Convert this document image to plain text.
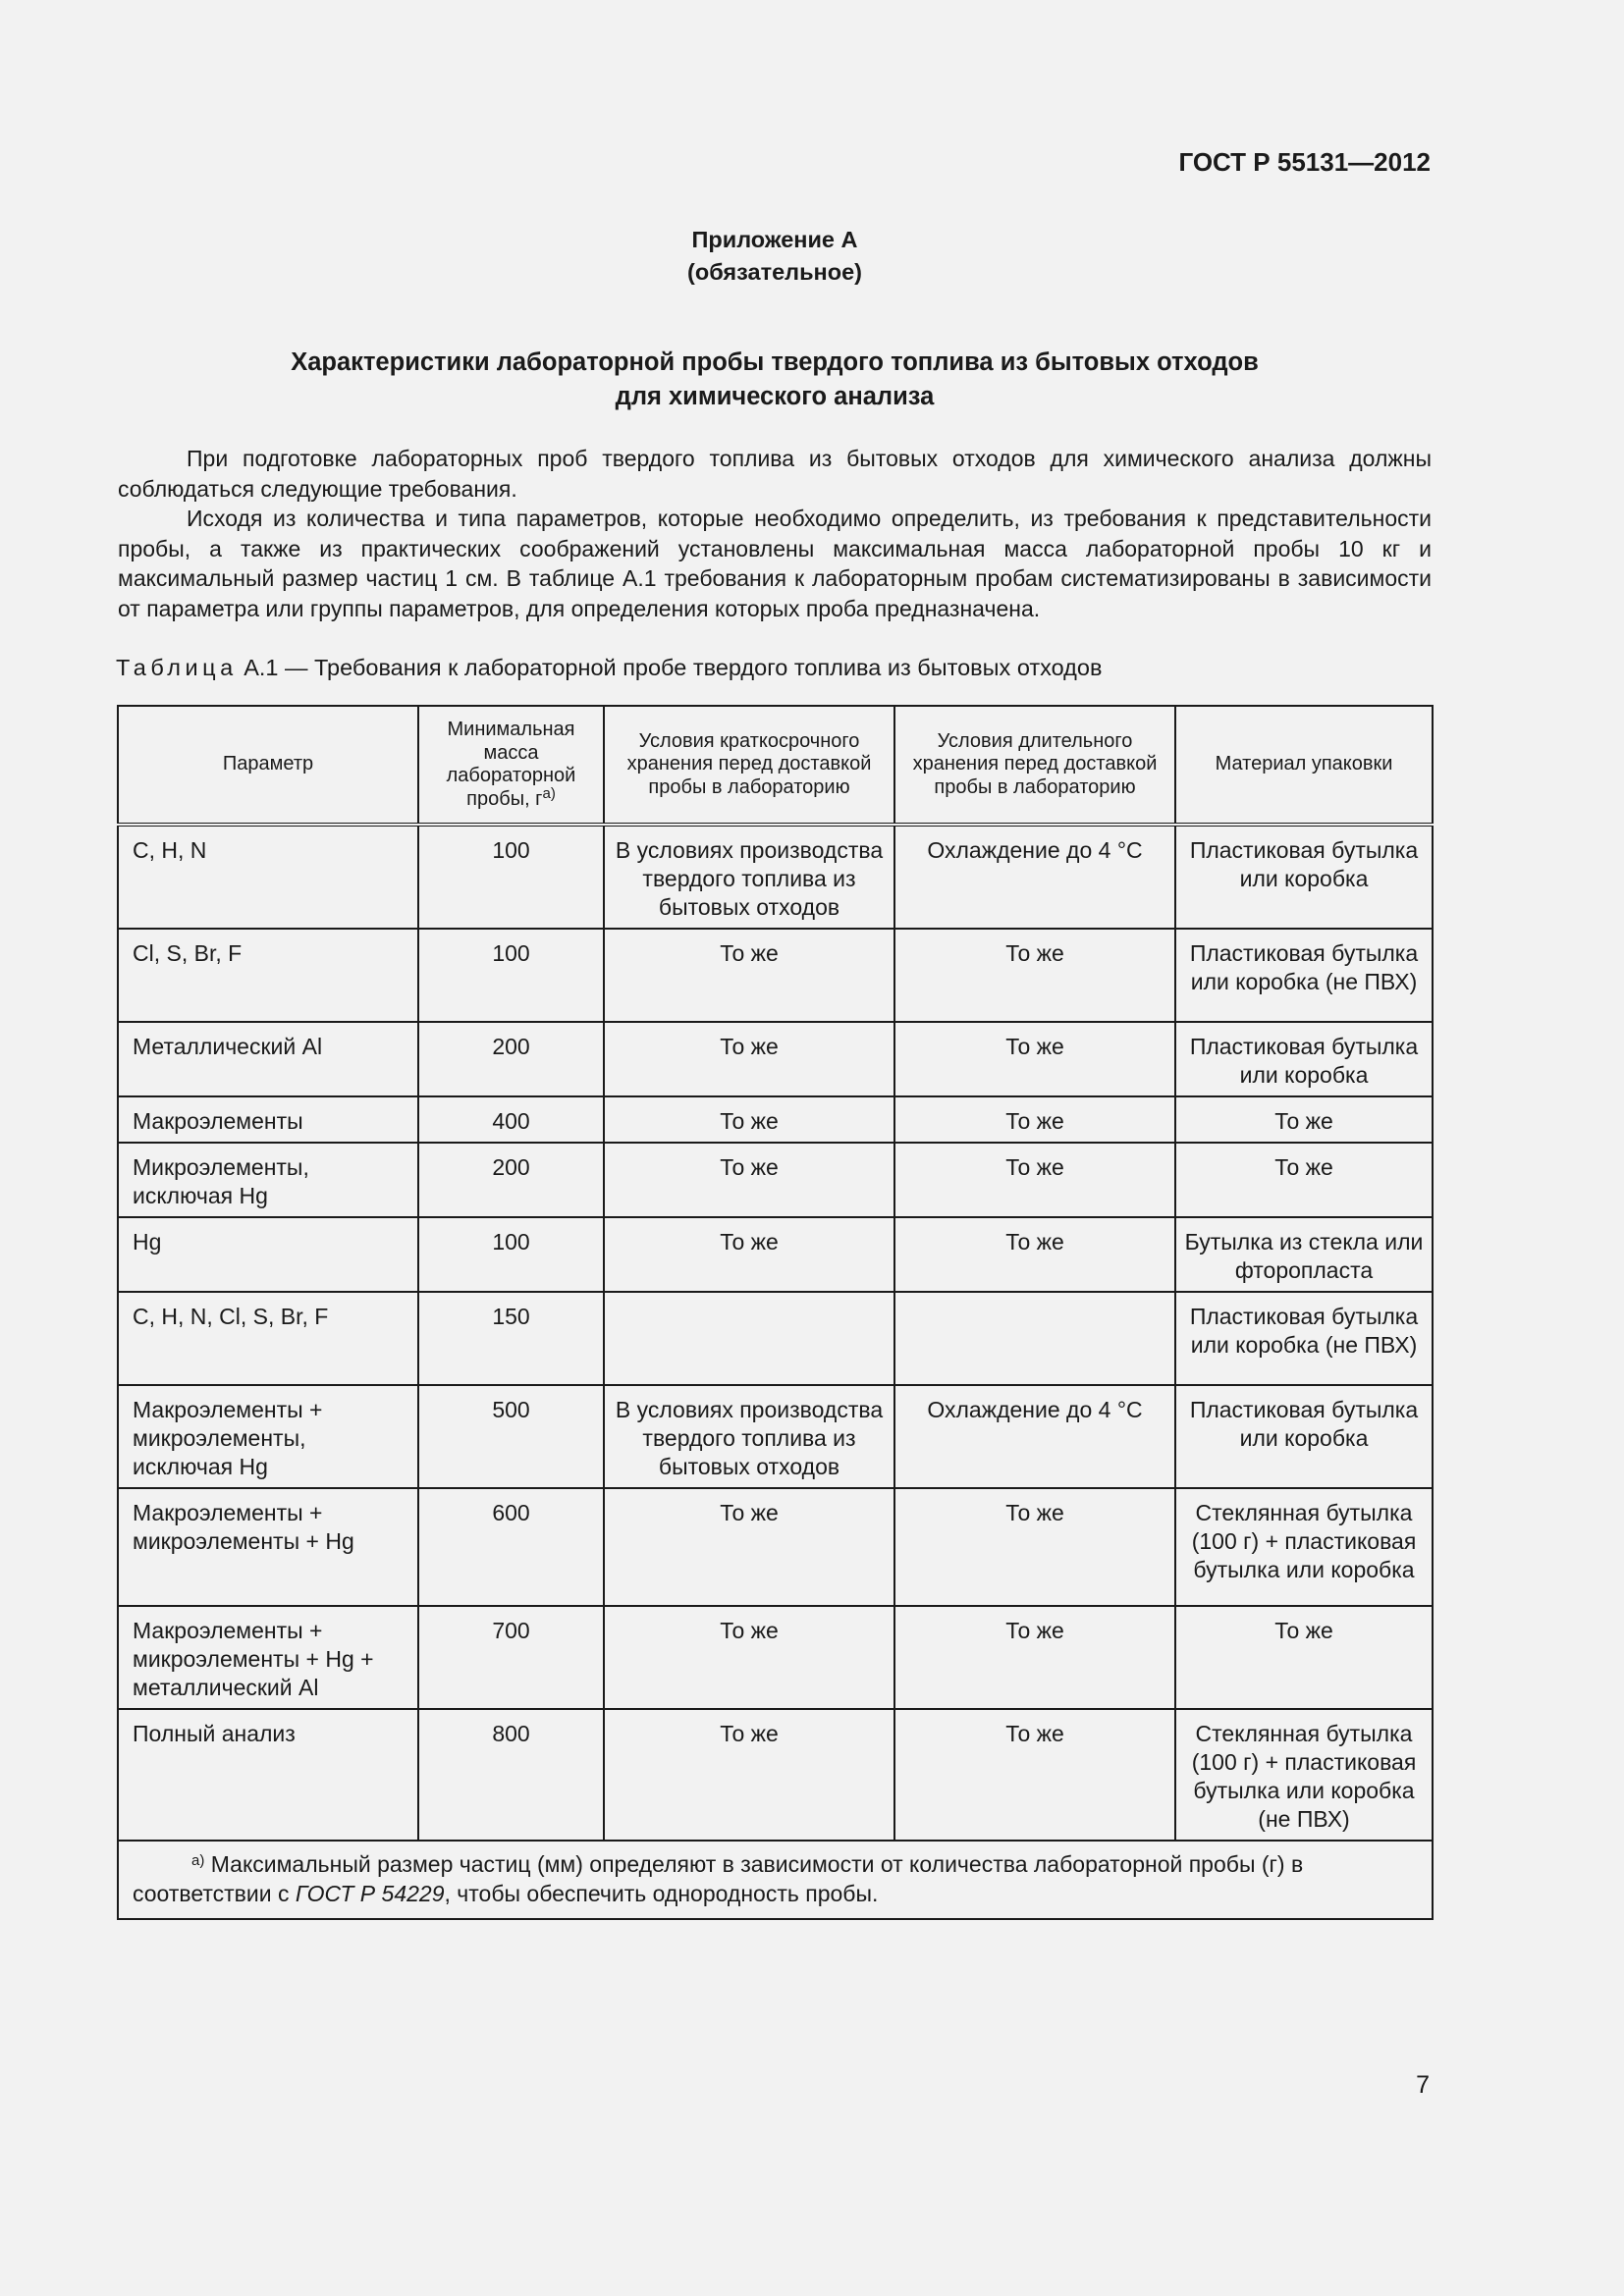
ГОСТ Р 55131—2012
Приложение А
(обязательное)
Характеристики лабораторной пробы твердого топлива из бытовых отходов
для химического анализа

При подготовке лабораторных проб твердого топлива из бытовых отходов для химического анализа должны соблюдаться следующие требования.

Исходя из количества и типа параметров, которые необходимо определить, из требования к представительности пробы, а также из практических соображений установлены максимальная масса лабораторной пробы 10 кг и максимальный размер частиц 1 см. В таблице А.1 требования к лабораторным пробам систематизированы в зависимости от параметра или группы параметров, для определения которых проба предназначена.

Таблица А.1 — Требования к лабораторной пробе твердого топлива из бытовых отходов
Параметр	Минимальная масса лабораторной пробы, г$^{а)}$	Условия краткосрочного хранения перед доставкой пробы в лабораторию	Условия длительного хранения перед доставкой пробы в лабораторию	Материал упаковки
C, H, N	100	В условиях производства твердого топлива из бытовых отходов	Охлаждение до 4 °С	Пластиковая бутылка или коробка
Cl, S, Br, F	100	То же	То же	Пластиковая бутылка или коробка (не ПВХ)
Металлический Al	200	То же	То же	Пластиковая бутылка или коробка
Макроэлементы	400	То же	То же	То же
Микроэлементы, исключая Hg	200	То же	То же	То же
Hg	100	То же	То же	Бутылка из стекла или фторопласта
C, H, N, Cl, S, Br, F	150			Пластиковая бутылка или коробка (не ПВХ)
Макроэлементы + микроэлементы, исключая Hg	500	В условиях производства твердого топлива из бытовых отходов	Охлаждение до 4 °С	Пластиковая бутылка или коробка
Макроэлементы + микроэлементы + Hg	600	То же	То же	Стеклянная бутылка (100 г) + пластиковая бутылка или коробка
Макроэлементы + микроэлементы + Hg + металлический Al	700	То же	То же	То же
Полный анализ	800	То же	То же	Стеклянная бутылка (100 г) + пластиковая бутылка или коробка (не ПВХ)
$^{а)}$ Максимальный размер частиц (мм) определяют в зависимости от количества лабораторной пробы (г) в соответствии с ГОСТ Р 54229, чтобы обеспечить однородность пробы.				
7
